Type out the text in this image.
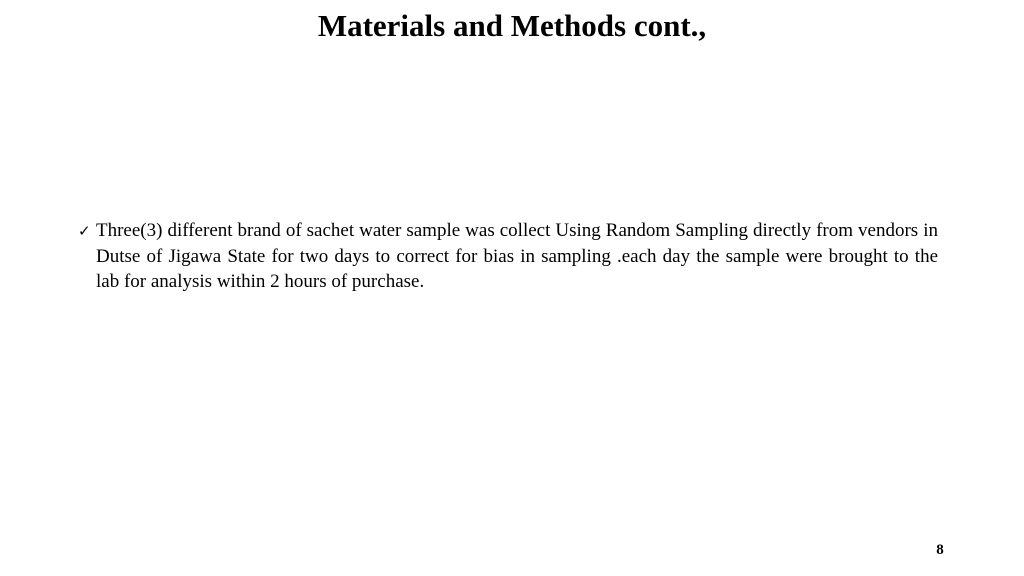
Materials and Methods cont.,
✓ Three(3) different brand of sachet water sample was collect Using Random Sampling directly from vendors in Dutse of Jigawa State for two days to correct for bias in sampling .each day the sample were brought to the lab for analysis within 2 hours of purchase.
8
